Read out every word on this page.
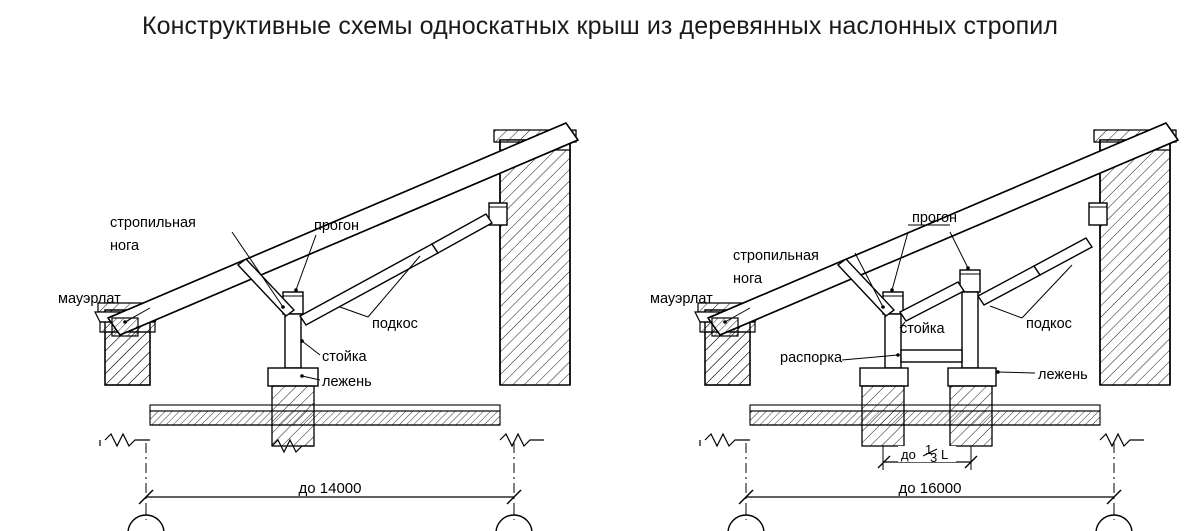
Конструктивные схемы односкатных крыш из деревянных наслонных стропил
до 14000
стропильная
нога
прогон
мауэрлат
подкос
стойка
лежень
до 1
3 L
до 16000
стропильная
нога
прогон
мауэрлат
подкос
стойка
распорка
лежень
